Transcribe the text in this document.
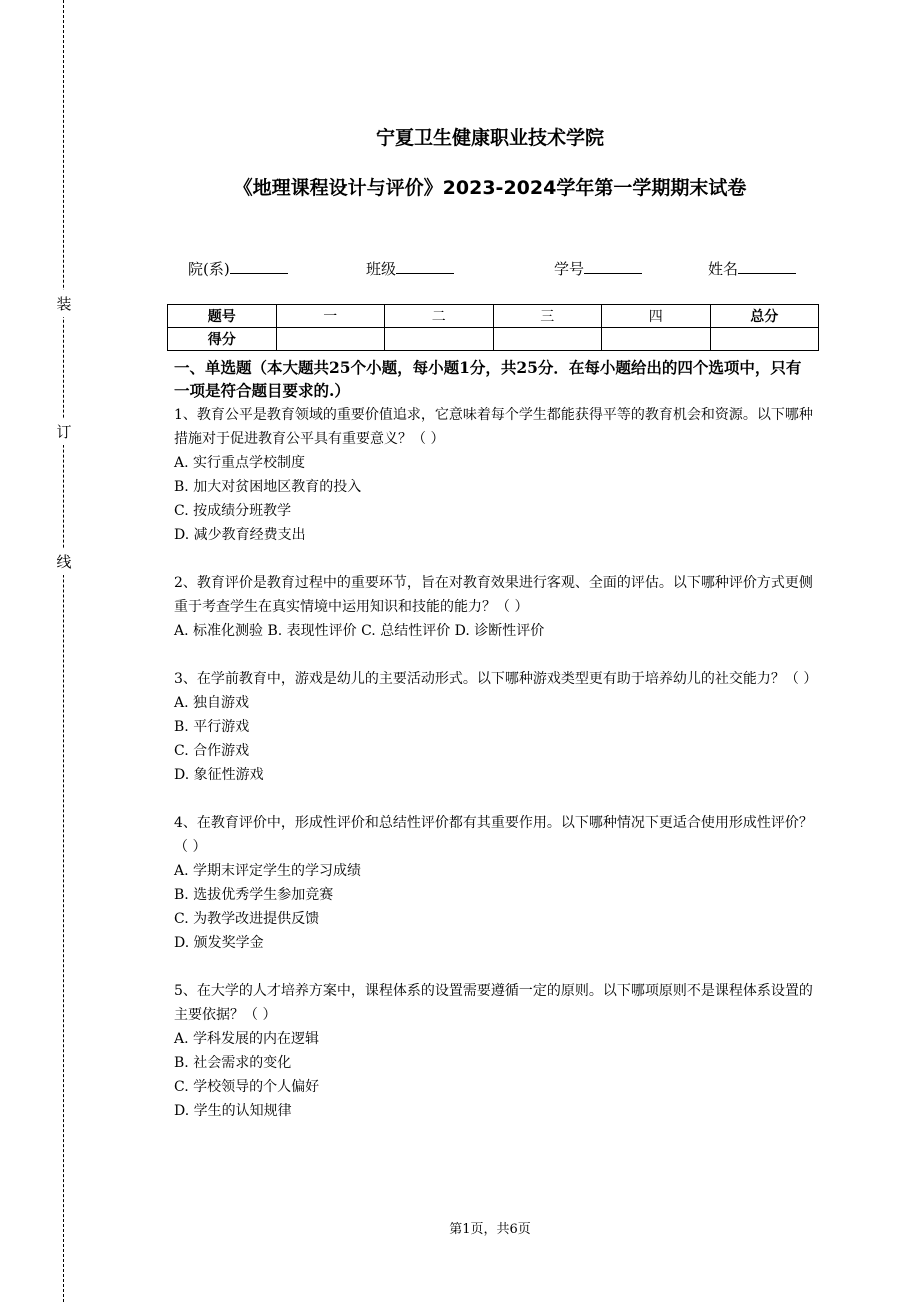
装
订
线
宁夏卫生健康职业技术学院
《地理课程设计与评价》2023-2024学年第一学期期末试卷
院(系)	班级	学号	姓名
题号	一	二	三	四	总分
得分					
一、单选题（本大题共25个小题，每小题1分，共25分．在每小题给出的四个选项中，只有一项是符合题目要求的.）
1、教育公平是教育领域的重要价值追求，它意味着每个学生都能获得平等的教育机会和资源。以下哪种措施对于促进教育公平具有重要意义？（ ）
A. 实行重点学校制度
B. 加大对贫困地区教育的投入
C. 按成绩分班教学
D. 减少教育经费支出
2、教育评价是教育过程中的重要环节，旨在对教育效果进行客观、全面的评估。以下哪种评价方式更侧重于考查学生在真实情境中运用知识和技能的能力？（ ）
A. 标准化测验 B. 表现性评价 C. 总结性评价 D. 诊断性评价
3、在学前教育中，游戏是幼儿的主要活动形式。以下哪种游戏类型更有助于培养幼儿的社交能力？（ ）
A. 独自游戏
B. 平行游戏
C. 合作游戏
D. 象征性游戏
4、在教育评价中，形成性评价和总结性评价都有其重要作用。以下哪种情况下更适合使用形成性评价？（ ）
A. 学期末评定学生的学习成绩
B. 选拔优秀学生参加竞赛
C. 为教学改进提供反馈
D. 颁发奖学金
5、在大学的人才培养方案中，课程体系的设置需要遵循一定的原则。以下哪项原则不是课程体系设置的主要依据？（ ）
A. 学科发展的内在逻辑
B. 社会需求的变化
C. 学校领导的个人偏好
D. 学生的认知规律
第1页，共6页
